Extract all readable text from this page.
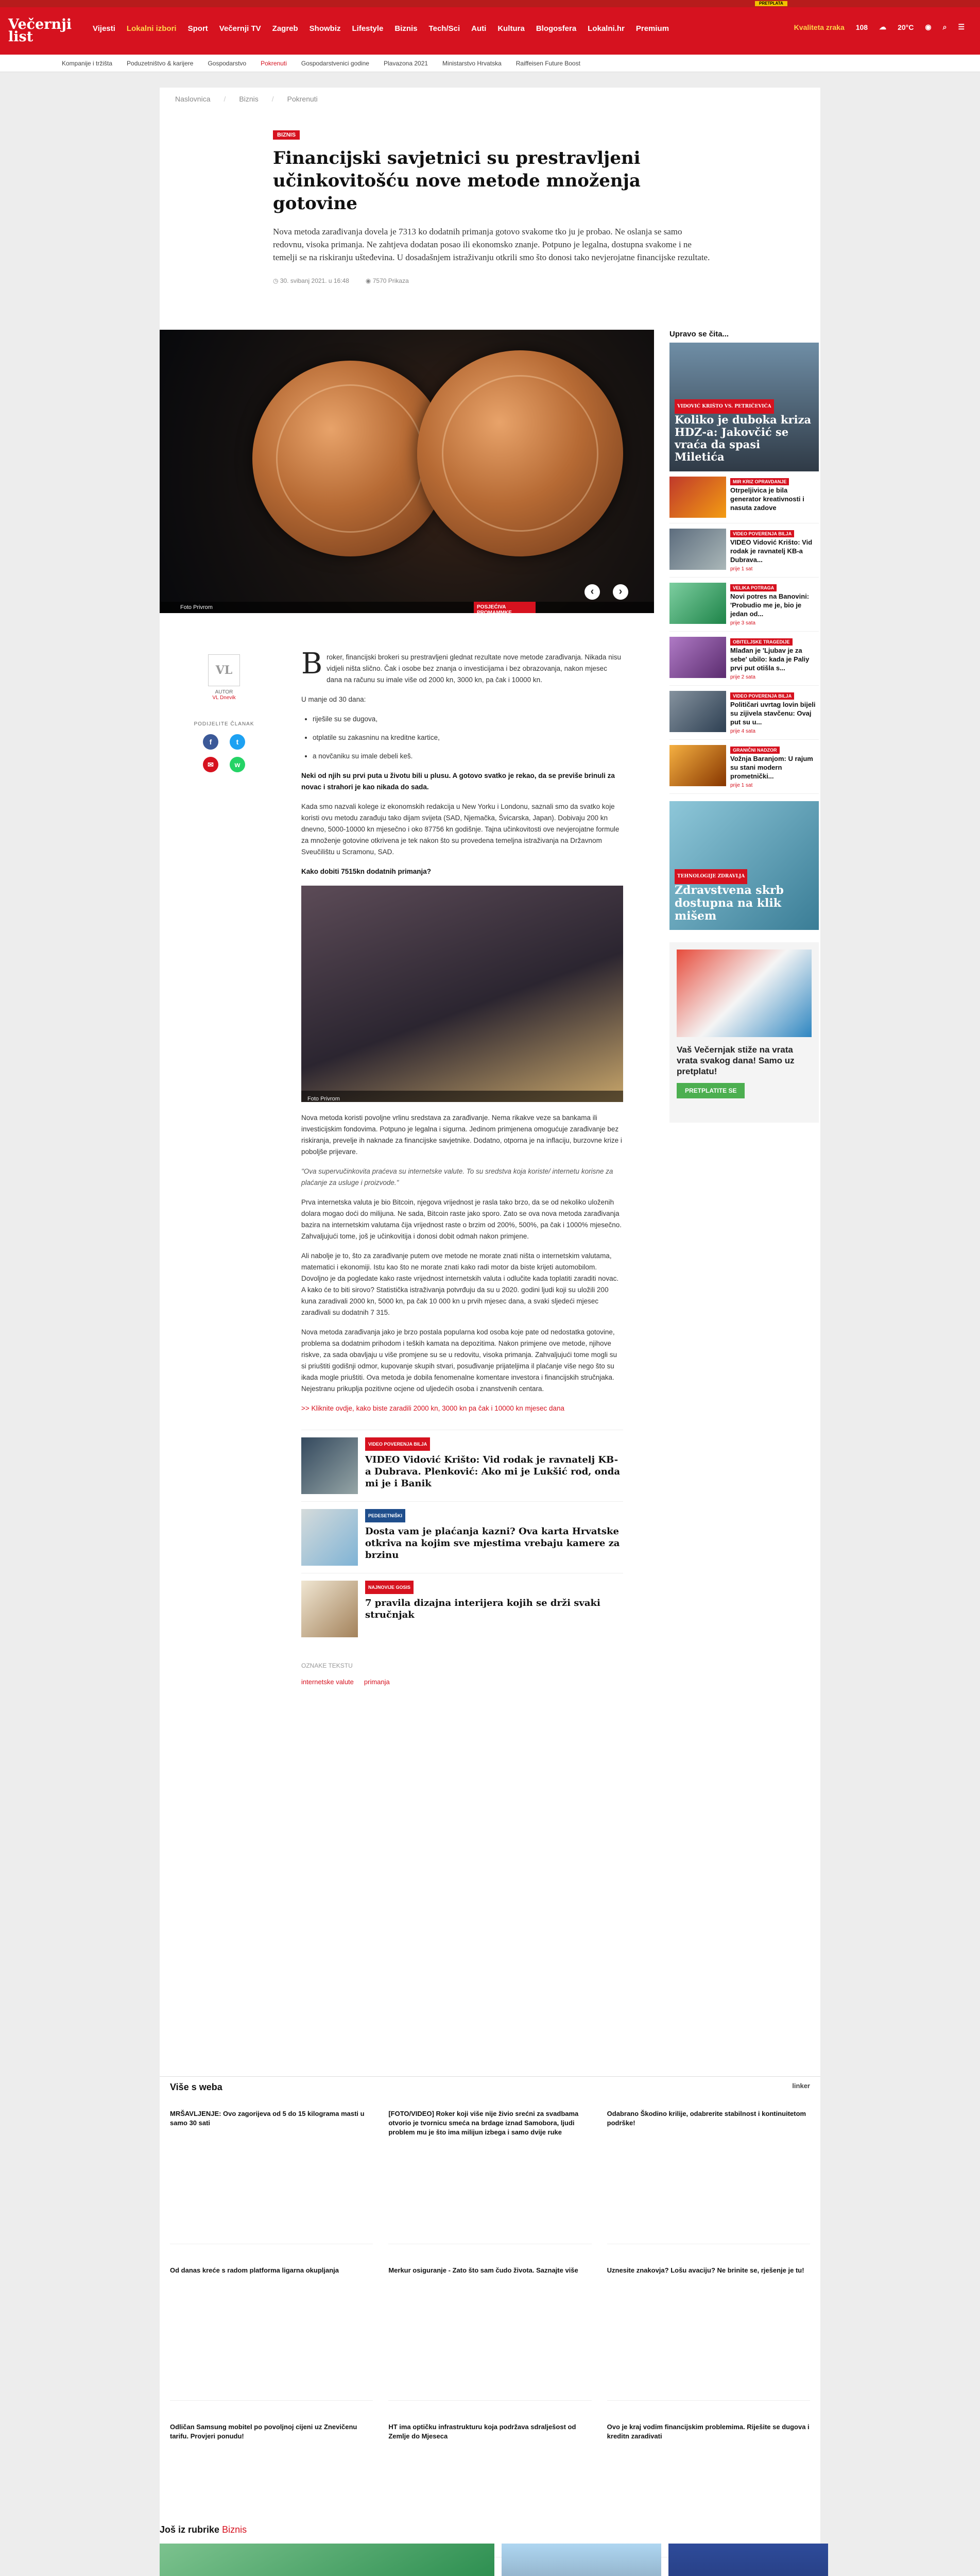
PRETPLATA
Večernji
list
Vijesti Lokalni izbori Sport Večernji TV Zagreb Showbiz Lifestyle Biznis Tech/Sci Auti Kultura Blogosfera Lokalni.hr Premium	Kvaliteta zraka 108 ☁ 20°C ◉ ⌕ ☰
Kompanije i tržišta Poduzetništvo & karijere Gospodarstvo Pokrenuti Gospodarstvenici godine Plavazona 2021 Ministarstvo Hrvatska Raiffeisen Future Boost
Naslovnica / Biznis / Pokrenuti
BIZNIS
Financijski savjetnici su prestravljeni učinkovitošću nove metode množenja gotovine

Nova metoda zarađivanja dovela je 7313 ko dodatnih primanja gotovo svakome tko ju je probao. Ne oslanja se samo redovnu, visoka primanja. Ne zahtjeva dodatan posao ili ekonomsko znanje. Potpuno je legalna, dostupna svakome i ne temelji se na riskiranju ušteđevina. U dosadašnjem istraživanju otkrili smo što donosi tako nevjerojatne financijske rezultate.

◷ 30. svibanj 2021. u 16:48	◉ 7570 Prikaza
Foto Privrom	POSJEĆIVA PROMAMMKE
‹	›
Upravo se čita...
VIDOVIĆ KRIŠTO VS. PETRIČEVIĆA
Koliko je duboka kriza HDZ-a: Jakovčić se vraća da spasi Miletića
MIR KRIZ OPRAVDANJE
Otrpeljivica je bila generator kreativnosti i nasuta zadove
VIDEO POVERENJA BILJA
VIDEO Vidović Krišto: Vid rodak je ravnatelj KB-a Dubrava...
prije 1 sat
VELIKA POTRAGA
Novi potres na Banovini: 'Probudio me je, bio je jedan od...
prije 3 sata
OBITELJSKE TRAGEDIJE
Mlađan je 'Ljubav je za sebe' ubilo: kada je Paliy prvi put otišla s...
prije 2 sata
VIDEO POVERENJA BILJA
Političari uvrtag lovin bijeli su zijivela stavčenu: Ovaj put su u...
prije 4 sata
GRANIČNI NADZOR
Vožnja Baranjom: U rajum su stani modern prometnički...
prije 1 sat
TEHNOLOGIJE ZDRAVLJA
Zdravstvena skrb dostupna na klik mišem
Vaš Večernjak stiže na vrata vrata svakog dana! Samo uz pretplatu!
PRETPLATITE SE
VL
AUTOR
VL Dnevik
PODIJELITE ČLANAK
f	t
✉	w

Broker, financijski brokeri su prestravljeni glednat rezultate nove metode zarađivanja. Nikada nisu vidjeli ništa slično. Čak i osobe bez znanja o investicijama i bez obrazovanja, nakon mjesec dana na računu su imale više od 2000 kn, 3000 kn, pa čak i 10000 kn.

U manje od 30 dana:

• riješile su se dugova,
• otplatile su zakasninu na kreditne kartice,
• a novčaniku su imale debeli keš.

Neki od njih su prvi puta u životu bili u plusu. A gotovo svatko je rekao, da se previše brinuli za novac i strahori je kao nikada do sada.

Kada smo nazvali kolege iz ekonomskih redakcija u New Yorku i Londonu, saznali smo da svatko koje koristi ovu metodu zarađuju tako dijam svijeta (SAD, Njemačka, Švicarska, Japan). Dobivaju 200 kn dnevno, 5000-10000 kn mjesečno i oko 87756 kn godišnje. Tajna učinkovitosti ove nevjerojatne formule za množenje gotovine otkrivena je tek nakon što su provedena temeljna istraživanja na Državnom Sveučilištu u Scramonu, SAD.

Kako dobiti 7515kn dodatnih primanja?

Foto Privrom

Nova metoda koristi povoljne vrlinu sredstava za zarađivanje. Nema rikakve veze sa bankama ili investicijskim fondovima. Potpuno je legalna i sigurna. Jedinom primjenena omogućuje zarađivanje bez riskiranja, prevelje ih naknade za financijske savjetnike. Dodatno, otporna je na inflaciju, burzovne krize i poboljše prijevare.

"Ova supervučinkovita praćeva su internetske valute. To su sredstva koja koriste/ internetu korisne za plaćanje za usluge i proizvode."

Prva internetska valuta je bio Bitcoin, njegova vrijednost je rasla tako brzo, da se od nekoliko uloženih dolara mogao doći do milijuna. Ne sada, Bitcoin raste jako sporo. Zato se ova nova metoda zarađivanja bazira na internetskim valutama čija vrijednost raste o brzim od 200%, 500%, pa čak i 1000% mjesečno. Zahvaljujući tome, još je učinkovitija i donosi dobit odmah nakon primjene.

Ali nabolje je to, što za zarađivanje putem ove metode ne morate znati ništa o internetskim valutama, matematici i ekonomiji. Istu kao što ne morate znati kako radi motor da biste krijeti automobilom. Dovoljno je da pogledate kako raste vrijednost internetskih valuta i odlučite kada toplatiti zaraditi novac. A kako će to biti sirovo? Statistička istraživanja potvrđuju da su u 2020. godini ljudi koji su uložili 200 kuna zaradivali 2000 kn, 5000 kn, pa čak 10 000 kn u prvih mjesec dana, a svaki sljedeći mjesec zarađivali su dodatnih 7 315.

Nova metoda zarađivanja jako je brzo postala popularna kod osoba koje pate od nedostatka gotovine, problema sa dodatnim prihodom i teških kamata na depozitima. Nakon primjene ove metode, njihove riskve, za sada obavljaju u više promjene su se u redovitu, visoka primanja. Zahvaljujući tome mogli su si priuštiti godišnji odmor, kupovanje skupih stvari, posuđivanje prijateljima il plaćanje više nego što su ikada mogle priuštiti. Ova metoda je dobila fenomenalne komentare investora i financijskih stručnjaka. Nejestranu prikuplja pozitivne ocjene od uljedećih osoba i znanstvenih centara.

>> Kliknite ovdje, kako biste zaradili 2000 kn, 3000 kn pa čak i 10000 kn mjesec dana

VIDEO POVERENJA BILJA
VIDEO Vidović Krišto: Vid rodak je ravnatelj KB-a Dubrava. Plenković: Ako mi je Lukšić rod, onda mi je i Banik
PEDESETNIŠKI
Dosta vam je plaćanja kazni? Ova karta Hrvatske otkriva na kojim sve mjestima vrebaju kamere za brzinu
NAJNOVIJE GOSIS
7 pravila dizajna interijera kojih se drži svaki stručnjak
OZNAKE TEKSTU
internetske valute primanja
Više s weba	linker
MRŠAVLJENJE: Ovo zagorijeva od 5 do 15 kilograma masti u samo 30 sati
[FOTO/VIDEO] Roker koji više nije živio srećni za svadbama otvorio je tvornicu smeća na brdage iznad Samobora, ljudi problem mu je što ima milijun izbega i samo dvije ruke
Odabrano Škodino krilije, odabrerite stabilnost i kontinuitetom podrške!
Od danas kreće s radom platforma ligarna okupljanja	Merkur osiguranje - Zato što sam čudo života. Saznajte više	Uznesite znakovja? Lošu avaciju? Ne brinite se, rješenje je tu!
Odličan Samsung mobitel po povoljnoj cijeni uz Znevičenu tarifu. Provjeri ponudu!
HT ima optičku infrastrukturu koja podržava sdralješost od Zemlje do Mjeseca
Ovo je kraj vodim financijskim problemima. Riješite se dugova i kreditn zaradivati
Još iz rubrike Biznis
